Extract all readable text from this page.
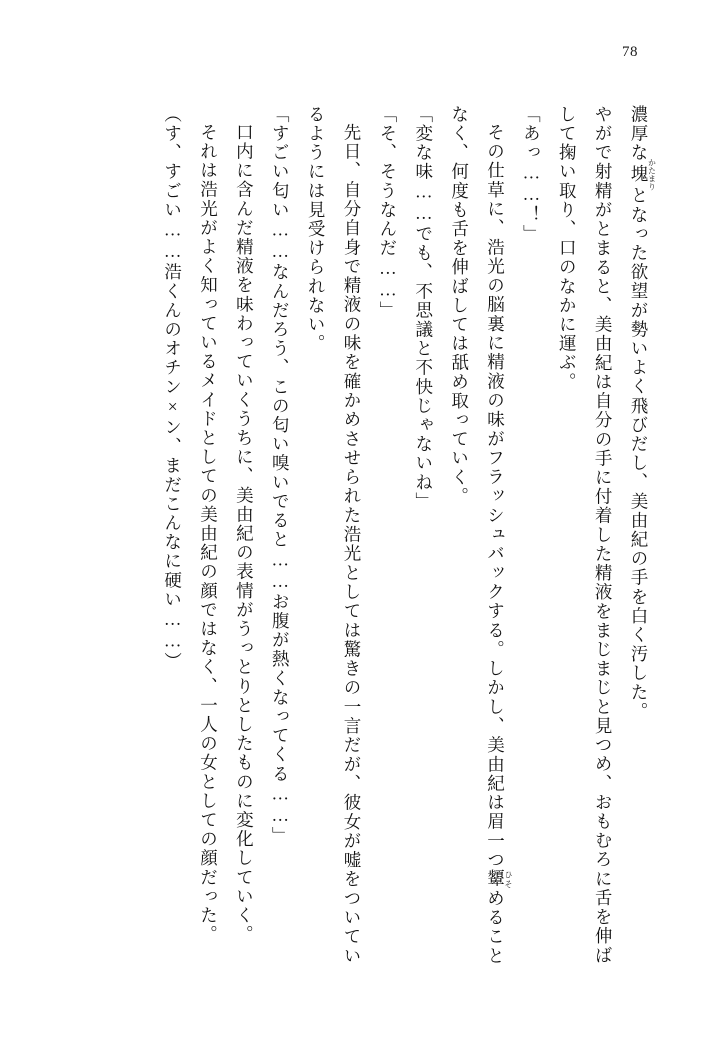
78

濃厚な塊かたまりとなった欲望が勢いよく飛びだし、美由紀の手を白く汚した。

やがで射精がとまると、美由紀は自分の手に付着した精液をまじまじと見つめ、おもむろに舌を伸ばして掬い取り、口のなかに運ぶ。

「あっ……！」

その仕草に、浩光の脳裏に精液の味がフラッシュバックする。しかし、美由紀は眉一つ顰ひそめることなく、何度も舌を伸ばしては舐め取っていく。

「変な味……でも、不思議と不快じゃないね」

「そ、そうなんだ……」

先日、自分自身で精液の味を確かめさせられた浩光としては驚きの一言だが、彼女が嘘をついているようには見受けられない。

「すごい匂い……なんだろう、この匂い嗅いでると……お腹が熱くなってくる……」

口内に含んだ精液を味わっていくうちに、美由紀の表情がうっとりとしたものに変化していく。

それは浩光がよく知っているメイドとしての美由紀の顔ではなく、一人の女としての顔だった。

（す、すごい……浩くんのオチン×ン、まだこんなに硬い……）
